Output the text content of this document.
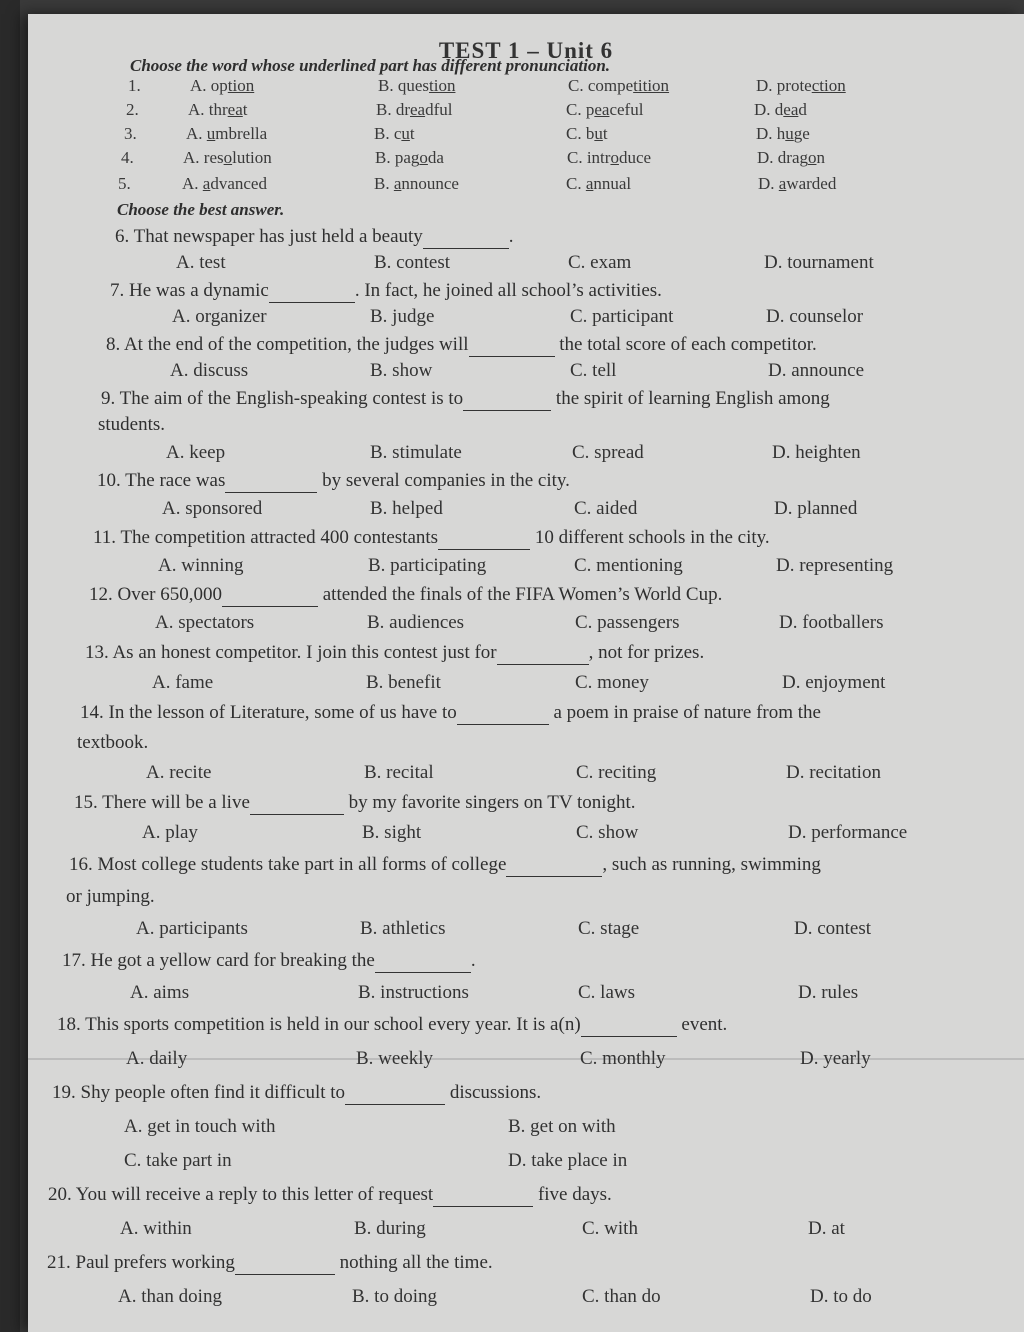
TEST 1 – Unit 6
Choose the word whose underlined part has different pronunciation.
1.	A. option	B. question	C. competition	D. protection
2.	A. threat	B. dreadful	C. peaceful	D. dead
3.	A. umbrella	B. cut	C. but	D. huge
4.	A. resolution	B. pagoda	C. introduce	D. dragon
5.	A. advanced	B. announce	C. annual	D. awarded
Choose the best answer.
6. That newspaper has just held a beauty	.
A. test	B. contest	C. exam	D. tournament
7. He was a dynamic	. In fact, he joined all school’s activities.
A. organizer	B. judge	C. participant	D. counselor
8. At the end of the competition, the judges will	the total score of each competitor.
A. discuss	B. show	C. tell	D. announce
9. The aim of the English-speaking contest is to	the spirit of learning English among
students.
A. keep	B. stimulate	C. spread	D. heighten
10. The race was	by several companies in the city.
A. sponsored	B. helped	C. aided	D. planned
11. The competition attracted 400 contestants	10 different schools in the city.
A. winning	B. participating	C. mentioning	D. representing
12. Over 650,000	attended the finals of the FIFA Women’s World Cup.
A. spectators	B. audiences	C. passengers	D. footballers
13. As an honest competitor. I join this contest just for	, not for prizes.
A. fame	B. benefit	C. money	D. enjoyment
14. In the lesson of Literature, some of us have to	a poem in praise of nature from the
textbook.
A. recite	B. recital	C. reciting	D. recitation
15. There will be a live	by my favorite singers on TV tonight.
A. play	B. sight	C. show	D. performance
16. Most college students take part in all forms of college	, such as running, swimming
or jumping.
A. participants	B. athletics	C. stage	D. contest
17. He got a yellow card for breaking the	.
A. aims	B. instructions	C. laws	D. rules
18. This sports competition is held in our school every year. It is a(n)	event.
A. daily	B. weekly	C. monthly	D. yearly
19. Shy people often find it difficult to	discussions.
A. get in touch with	B. get on with
C. take part in	D. take place in
20. You will receive a reply to this letter of request	five days.
A. within	B. during	C. with	D. at
21. Paul prefers working	nothing all the time.
A. than doing	B. to doing	C. than do	D. to do
